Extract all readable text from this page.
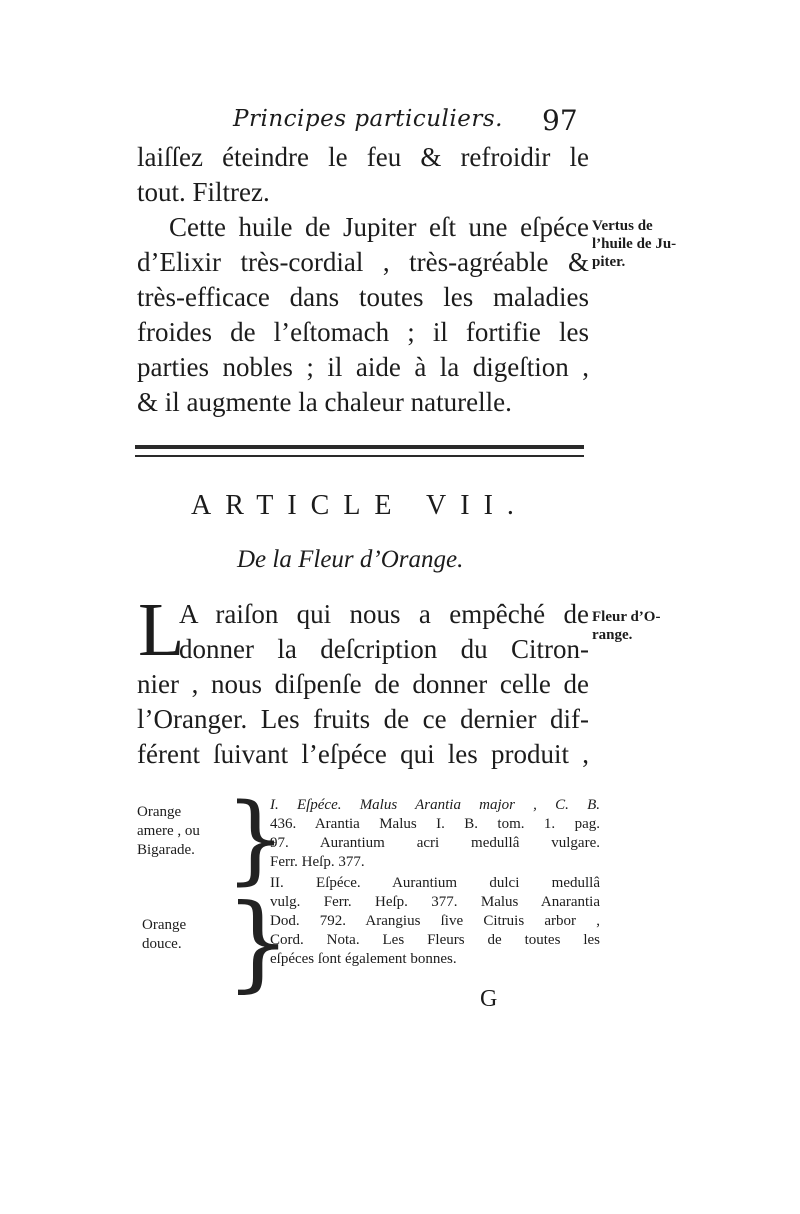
Principes particuliers. 97
laiſſez éteindre le feu & refroidir le
tout. Filtrez.
Cette huile de Jupiter eſt une eſpéce
d’Elixir très-cordial , très-agréable &
très-efficace dans toutes les maladies
froides de l’eſtomach ; il fortifie les
parties nobles ; il aide à la digeſtion ,
& il augmente la chaleur naturelle.
Vertus de
l’huile de Ju-
piter.
ARTICLE VII.
De la Fleur d’Orange.
L
A raiſon qui nous a empêché de
donner la deſcription du Citron-
nier , nous diſpenſe de donner celle de
l’Oranger. Les fruits de ce dernier dif-
férent ſuivant l’eſpéce qui les produit ,
Fleur d’O-
range.
Orange
amere , ou
Bigarade. }
I. Eſpéce. Malus Arantia major , C. B.
436. Arantia Malus I. B. tom. 1. pag.
97. Aurantium acri medullâ vulgare.
Ferr. Heſp. 377.
Orange
douce. }
II. Eſpéce. Aurantium dulci medullâ
vulg. Ferr. Heſp. 377. Malus Anarantia
Dod. 792. Arangius ſive Citruis arbor ,
Cord. Nota. Les Fleurs de toutes les
eſpéces ſont également bonnes.
G
